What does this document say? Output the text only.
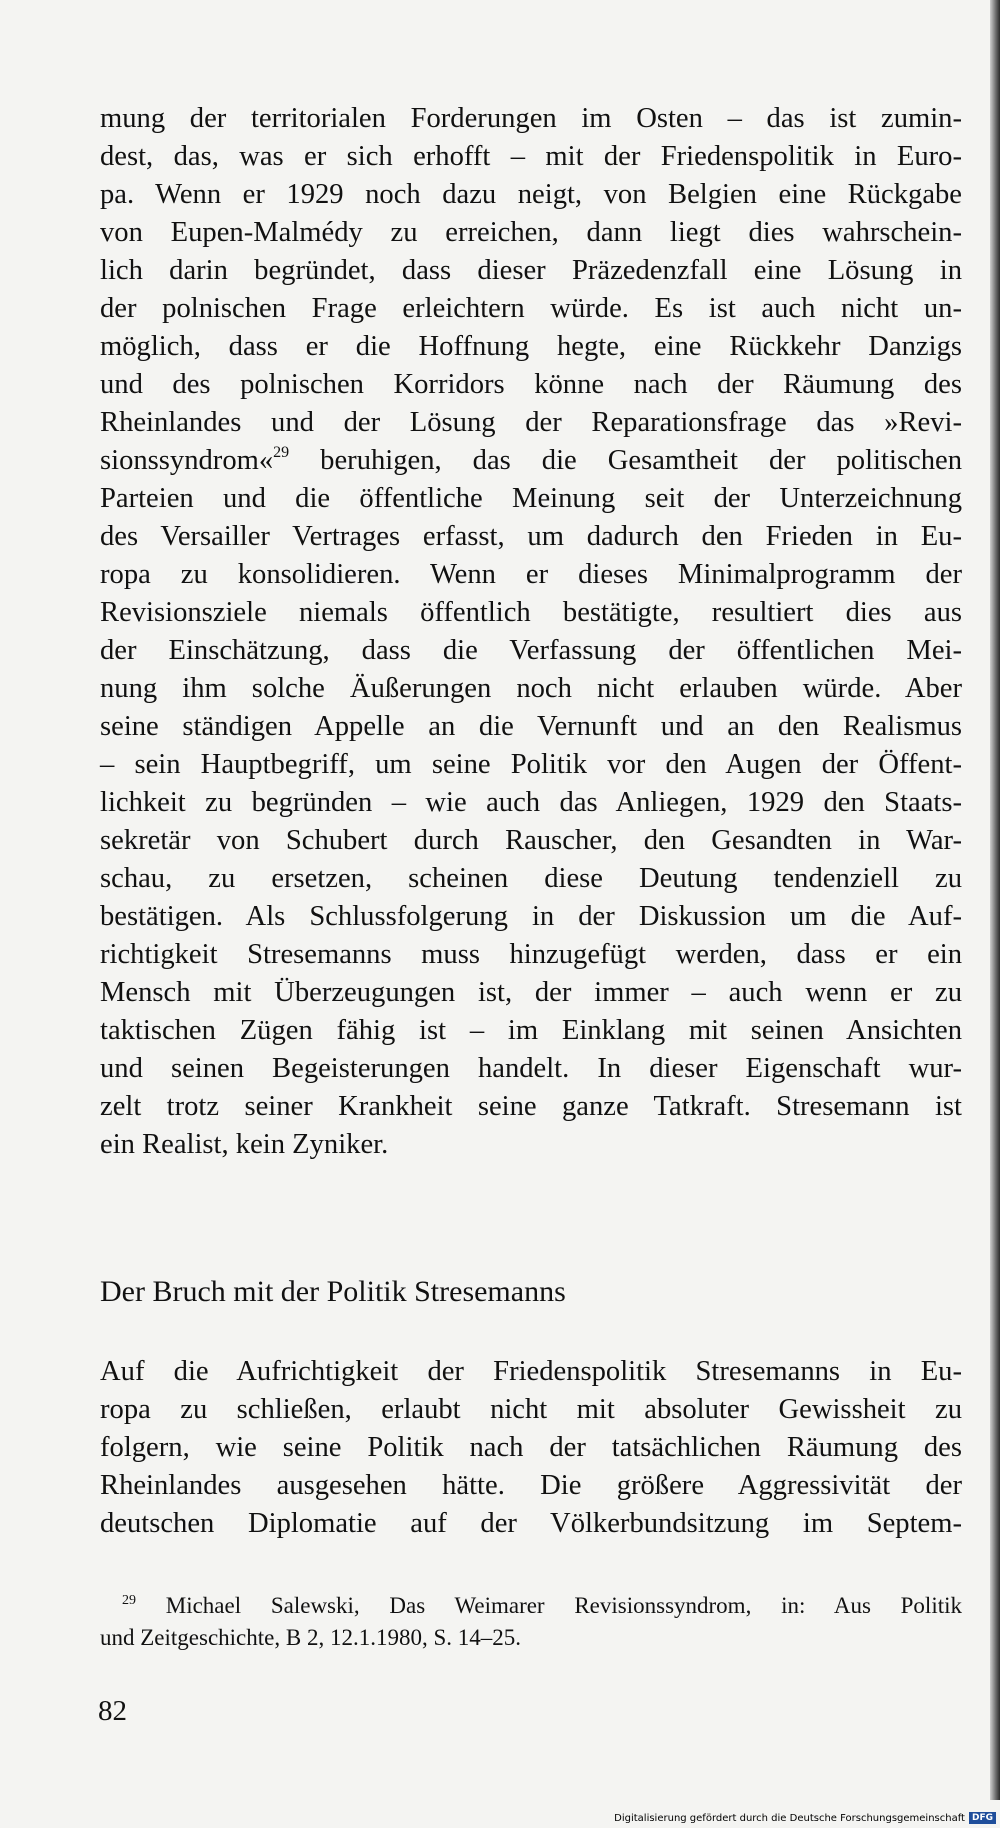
mung der territorialen Forderungen im Osten – das ist zumin-
dest, das, was er sich erhofft – mit der Friedenspolitik in Euro-
pa. Wenn er 1929 noch dazu neigt, von Belgien eine Rückgabe
von Eupen-Malmédy zu erreichen, dann liegt dies wahrschein-
lich darin begründet, dass dieser Präzedenzfall eine Lösung in
der polnischen Frage erleichtern würde. Es ist auch nicht un-
möglich, dass er die Hoffnung hegte, eine Rückkehr Danzigs
und des polnischen Korridors könne nach der Räumung des
Rheinlandes und der Lösung der Reparationsfrage das »Revi-
sionssyndrom«$^{29}$ beruhigen, das die Gesamtheit der politischen
Parteien und die öffentliche Meinung seit der Unterzeichnung
des Versailler Vertrages erfasst, um dadurch den Frieden in Eu-
ropa zu konsolidieren. Wenn er dieses Minimalprogramm der
Revisionsziele niemals öffentlich bestätigte, resultiert dies aus
der Einschätzung, dass die Verfassung der öffentlichen Mei-
nung ihm solche Äußerungen noch nicht erlauben würde. Aber
seine ständigen Appelle an die Vernunft und an den Realismus
– sein Hauptbegriff, um seine Politik vor den Augen der Öffent-
lichkeit zu begründen – wie auch das Anliegen, 1929 den Staats-
sekretär von Schubert durch Rauscher, den Gesandten in War-
schau, zu ersetzen, scheinen diese Deutung tendenziell zu
bestätigen. Als Schlussfolgerung in der Diskussion um die Auf-
richtigkeit Stresemanns muss hinzugefügt werden, dass er ein
Mensch mit Überzeugungen ist, der immer – auch wenn er zu
taktischen Zügen fähig ist – im Einklang mit seinen Ansichten
und seinen Begeisterungen handelt. In dieser Eigenschaft wur-
zelt trotz seiner Krankheit seine ganze Tatkraft. Stresemann ist
ein Realist, kein Zyniker.
Der Bruch mit der Politik Stresemanns
Auf die Aufrichtigkeit der Friedenspolitik Stresemanns in Eu-
ropa zu schließen, erlaubt nicht mit absoluter Gewissheit zu
folgern, wie seine Politik nach der tatsächlichen Räumung des
Rheinlandes ausgesehen hätte. Die größere Aggressivität der
deutschen Diplomatie auf der Völkerbundsitzung im Septem-
$^{29}$ Michael Salewski, Das Weimarer Revisionssyndrom, in: Aus Politik
und Zeitgeschichte, B 2, 12.1.1980, S. 14–25.
82
Digitalisierung gefördert durch die Deutsche Forschungsgemeinschaft DFG
